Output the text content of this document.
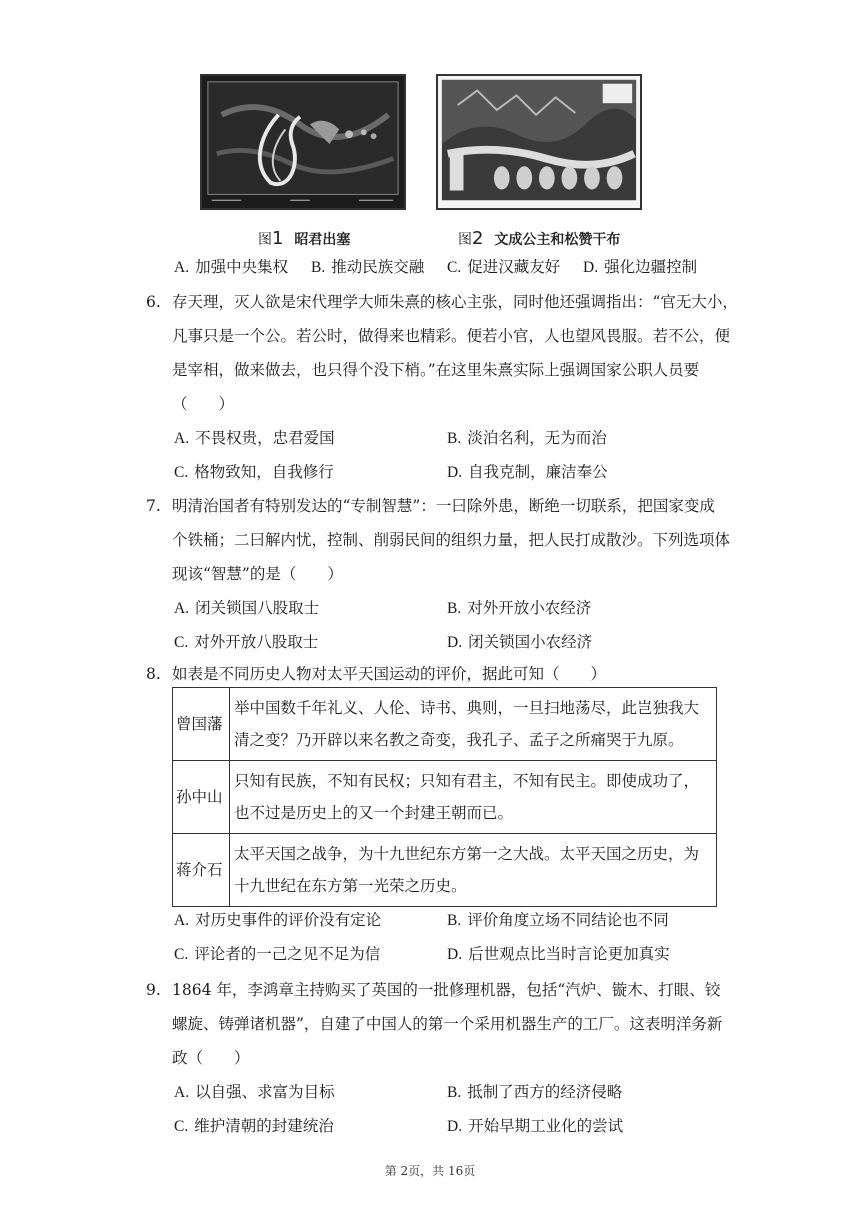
图1 昭君出塞	图2 文成公主和松赞干布
A. 加强中央集权 B. 推动民族交融 C. 促进汉藏友好 D. 强化边疆控制
6. 存天理，灭人欲是宋代理学大师朱熹的核心主张，同时他还强调指出：“官无大小，
凡事只是一个公。若公时，做得来也精彩。便若小官，人也望风畏服。若不公，便
是宰相，做来做去，也只得个没下梢。”在这里朱熹实际上强调国家公职人员要
（　　）
A. 不畏权贵，忠君爱国	B. 淡泊名利，无为而治
C. 格物致知，自我修行	D. 自我克制，廉洁奉公
7. 明清治国者有特别发达的“专制智慧”：一曰除外患，断绝一切联系，把国家变成
个铁桶；二曰解内忧，控制、削弱民间的组织力量，把人民打成散沙。下列选项体
现该“智慧”的是（　　）
A. 闭关锁国八股取士	B. 对外开放小农经济
C. 对外开放八股取士	D. 闭关锁国小农经济
8. 如表是不同历史人物对太平天国运动的评价，据此可知（　　）
曾国藩	举中国数千年礼义、人伦、诗书、典则，一旦扫地荡尽，此岂独我大清之变？乃开辟以来名教之奇变，我孔子、孟子之所痛哭于九原。
孙中山	只知有民族，不知有民权；只知有君主，不知有民主。即使成功了，也不过是历史上的又一个封建王朝而已。
蒋介石	太平天国之战争，为十九世纪东方第一之大战。太平天国之历史，为十九世纪在东方第一光荣之历史。
A. 对历史事件的评价没有定论	B. 评价角度立场不同结论也不同
C. 评论者的一己之见不足为信	D. 后世观点比当时言论更加真实
9. 1864 年，李鸿章主持购买了英国的一批修理机器，包括“汽炉、镟木、打眼、铰
螺旋、铸弹诸机器”，自建了中国人的第一个采用机器生产的工厂。这表明洋务新
政（　　）
A. 以自强、求富为目标	B. 抵制了西方的经济侵略
C. 维护清朝的封建统治	D. 开始早期工业化的尝试
第 2页，共 16页
